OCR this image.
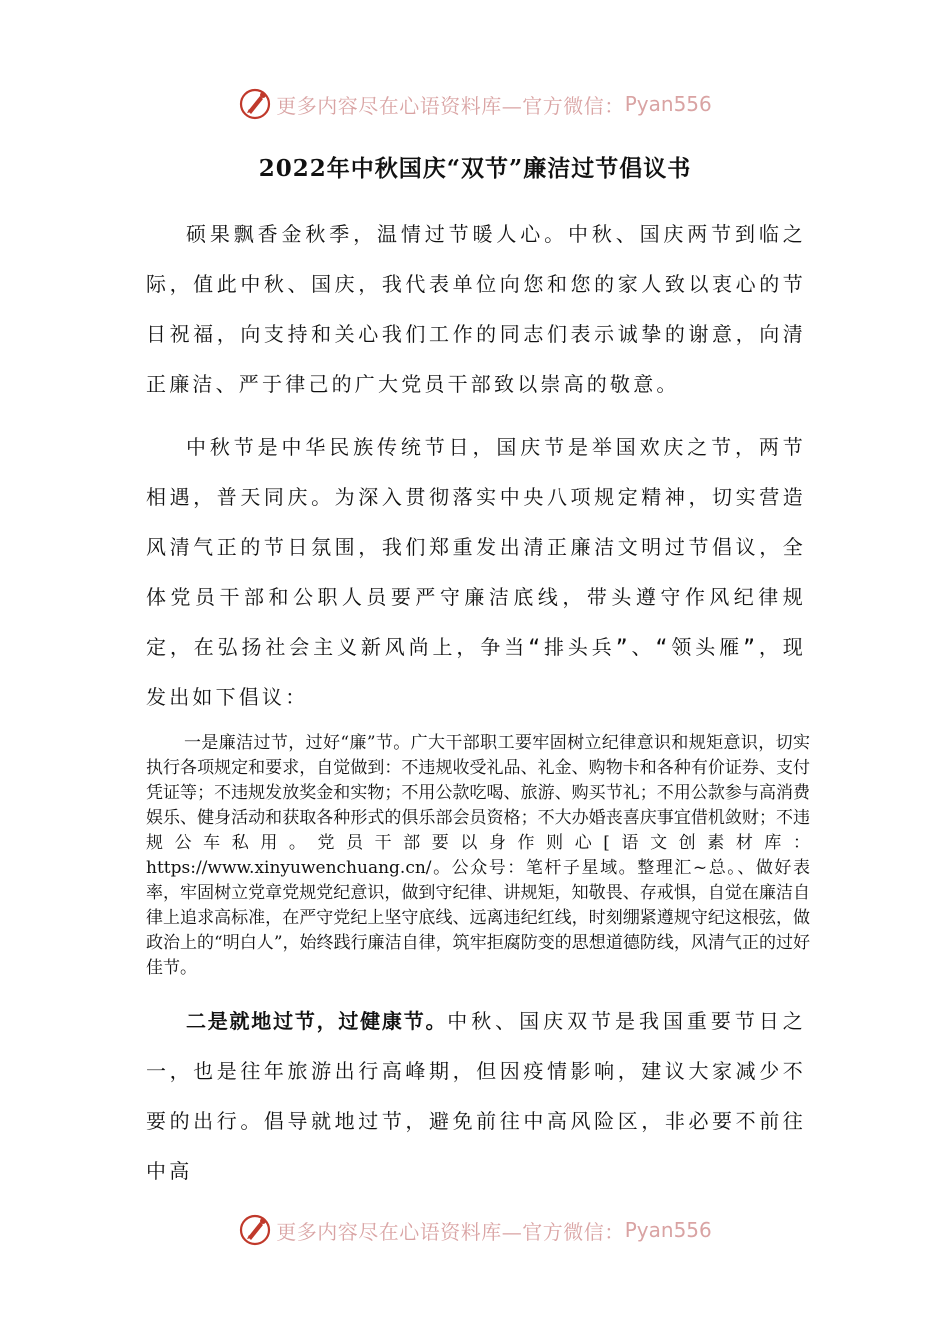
更多内容尽在心语资料库—官方微信： Pyan556
2022年中秋国庆“双节”廉洁过节倡议书

硕果飘香金秋季，温情过节暖人心。中秋、国庆两节到临之际，值此中秋、国庆，我代表单位向您和您的家人致以衷心的节日祝福，向支持和关心我们工作的同志们表示诚挚的谢意，向清正廉洁、严于律己的广大党员干部致以崇高的敬意。

中秋节是中华民族传统节日，国庆节是举国欢庆之节，两节相遇，普天同庆。为深入贯彻落实中央八项规定精神，切实营造风清气正的节日氛围，我们郑重发出清正廉洁文明过节倡议，全体党员干部和公职人员要严守廉洁底线，带头遵守作风纪律规定，在弘扬社会主义新风尚上，争当“排头兵”、“领头雁”，现发出如下倡议：

一是廉洁过节，过好“廉”节。广大干部职工要牢固树立纪律意识和规矩意识，切实执行各项规定和要求，自觉做到：不违规收受礼品、礼金、购物卡和各种有价证券、支付凭证等；不违规发放奖金和实物；不用公款吃喝、旅游、购买节礼；不用公款参与高消费娱乐、健身活动和获取各种形式的俱乐部会员资格；不大办婚丧喜庆事宜借机敛财；不违规公车私用。党员干部要以身作则心[语文创素材库：https://www.xinyuwenchuang.cn/。公众号：笔杆子星域。整理汇~总。、做好表率，牢固树立党章党规党纪意识，做到守纪律、讲规矩，知敬畏、存戒惧，自觉在廉洁自律上追求高标准，在严守党纪上坚守底线、远离违纪红线，时刻绷紧遵规守纪这根弦，做政治上的“明白人”，始终践行廉洁自律，筑牢拒腐防变的思想道德防线，风清气正的过好佳节。

二是就地过节，过健康节。中秋、国庆双节是我国重要节日之一，也是往年旅游出行高峰期，但因疫情影响，建议大家减少不要的出行。倡导就地过节，避免前往中高风险区，非必要不前往中高

更多内容尽在心语资料库—官方微信： Pyan556
